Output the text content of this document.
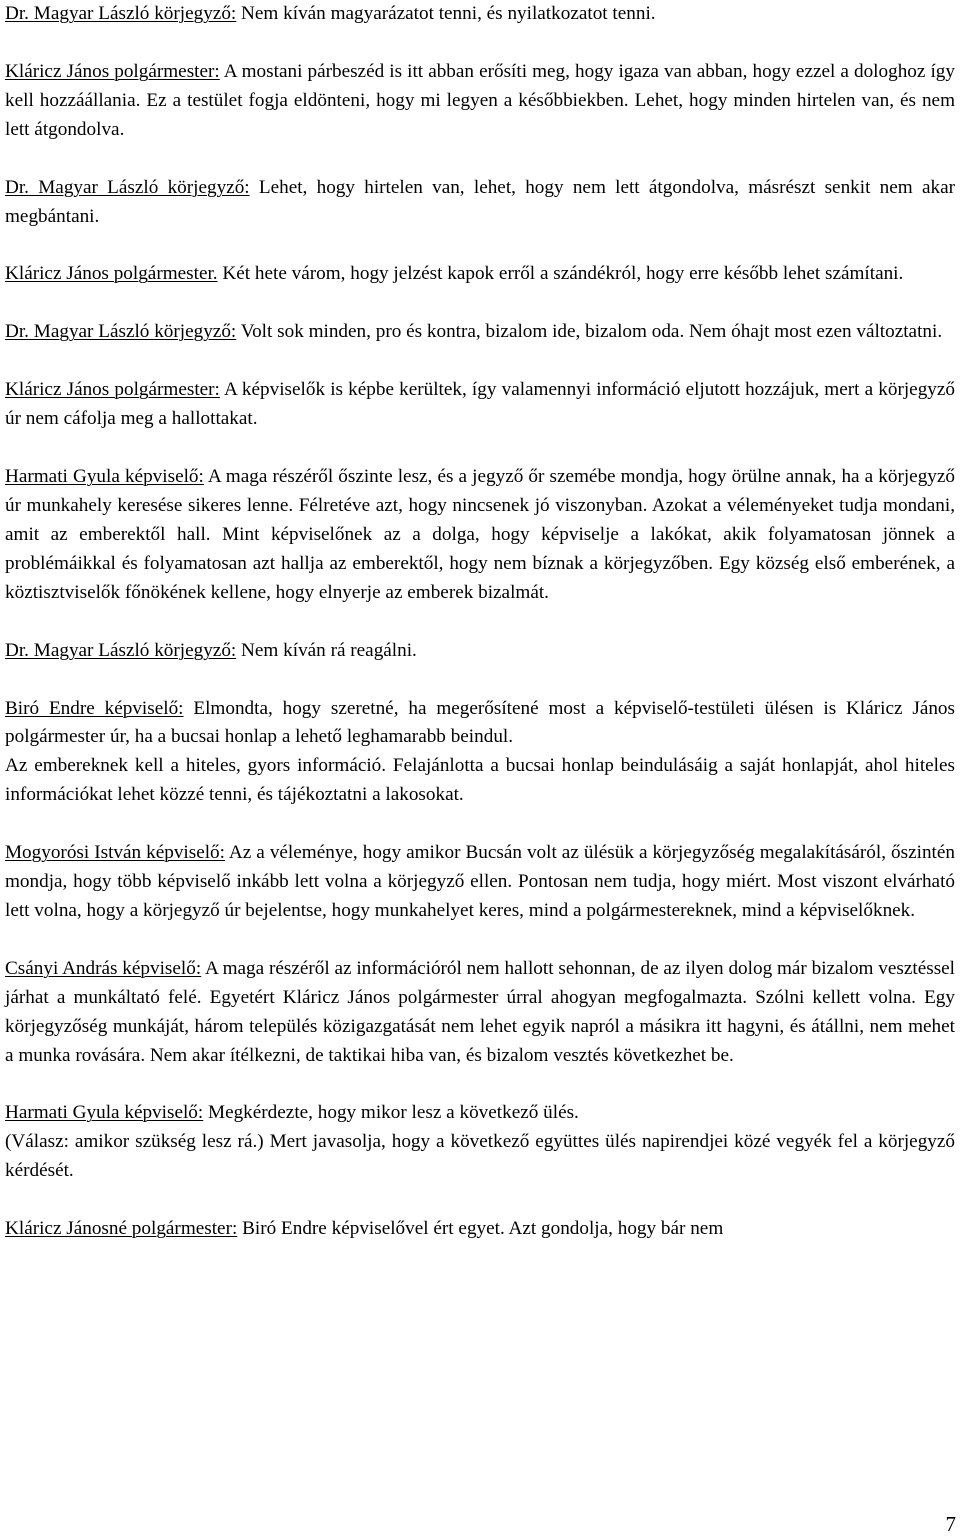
Dr. Magyar László körjegyző: Nem kíván magyarázatot tenni, és nyilatkozatot tenni.

Kláricz János polgármester: A mostani párbeszéd is itt abban erősíti meg, hogy igaza van abban, hogy ezzel a dologhoz így kell hozzáállania. Ez a testület fogja eldönteni, hogy mi legyen a későbbiekben. Lehet, hogy minden hirtelen van, és nem lett átgondolva.

Dr. Magyar László körjegyző: Lehet, hogy hirtelen van, lehet, hogy nem lett átgondolva, másrészt senkit nem akar megbántani.

Kláricz János polgármester. Két hete várom, hogy jelzést kapok erről a szándékról, hogy erre később lehet számítani.

Dr. Magyar László körjegyző: Volt sok minden, pro és kontra, bizalom ide, bizalom oda. Nem óhajt most ezen változtatni.

Kláricz János polgármester: A képviselők is képbe kerültek, így valamennyi információ eljutott hozzájuk, mert a körjegyző úr nem cáfolja meg a hallottakat.

Harmati Gyula képviselő: A maga részéről őszinte lesz, és a jegyző őr szemébe mondja, hogy örülne annak, ha a körjegyző úr munkahely keresése sikeres lenne. Félretéve azt, hogy nincsenek jó viszonyban. Azokat a véleményeket tudja mondani, amit az emberektől hall. Mint képviselőnek az a dolga, hogy képviselje a lakókat, akik folyamatosan jönnek a problémáikkal és folyamatosan azt hallja az emberektől, hogy nem bíznak a körjegyzőben. Egy község első emberének, a köztisztviselők főnökének kellene, hogy elnyerje az emberek bizalmát.

Dr. Magyar László körjegyző: Nem kíván rá reagálni.

Biró Endre képviselő: Elmondta, hogy szeretné, ha megerősítené most a képviselő-testületi ülésen is Kláricz János polgármester úr, ha a bucsai honlap a lehető leghamarabb beindul.
Az embereknek kell a hiteles, gyors információ. Felajánlotta a bucsai honlap beindulásáig a saját honlapját, ahol hiteles információkat lehet közzé tenni, és tájékoztatni a lakosokat.

Mogyorósi István képviselő: Az a véleménye, hogy amikor Bucsán volt az ülésük a körjegyzőség megalakításáról, őszintén mondja, hogy több képviselő inkább lett volna a körjegyző ellen. Pontosan nem tudja, hogy miért. Most viszont elvárható lett volna, hogy a körjegyző úr bejelentse, hogy munkahelyet keres, mind a polgármestereknek, mind a képviselőknek.

Csányi András képviselő: A maga részéről az információról nem hallott sehonnan, de az ilyen dolog már bizalom vesztéssel járhat a munkáltató felé. Egyetért Kláricz János polgármester úrral ahogyan megfogalmazta. Szólni kellett volna. Egy körjegyzőség munkáját, három település közigazgatását nem lehet egyik napról a másikra itt hagyni, és átállni, nem mehet a munka rovására. Nem akar ítélkezni, de taktikai hiba van, és bizalom vesztés következhet be.

Harmati Gyula képviselő: Megkérdezte, hogy mikor lesz a következő ülés.
(Válasz: amikor szükség lesz rá.) Mert javasolja, hogy a következő együttes ülés napirendjei közé vegyék fel a körjegyző kérdését.

Kláricz Jánosné polgármester: Biró Endre képviselővel ért egyet. Azt gondolja, hogy bár nem

7
